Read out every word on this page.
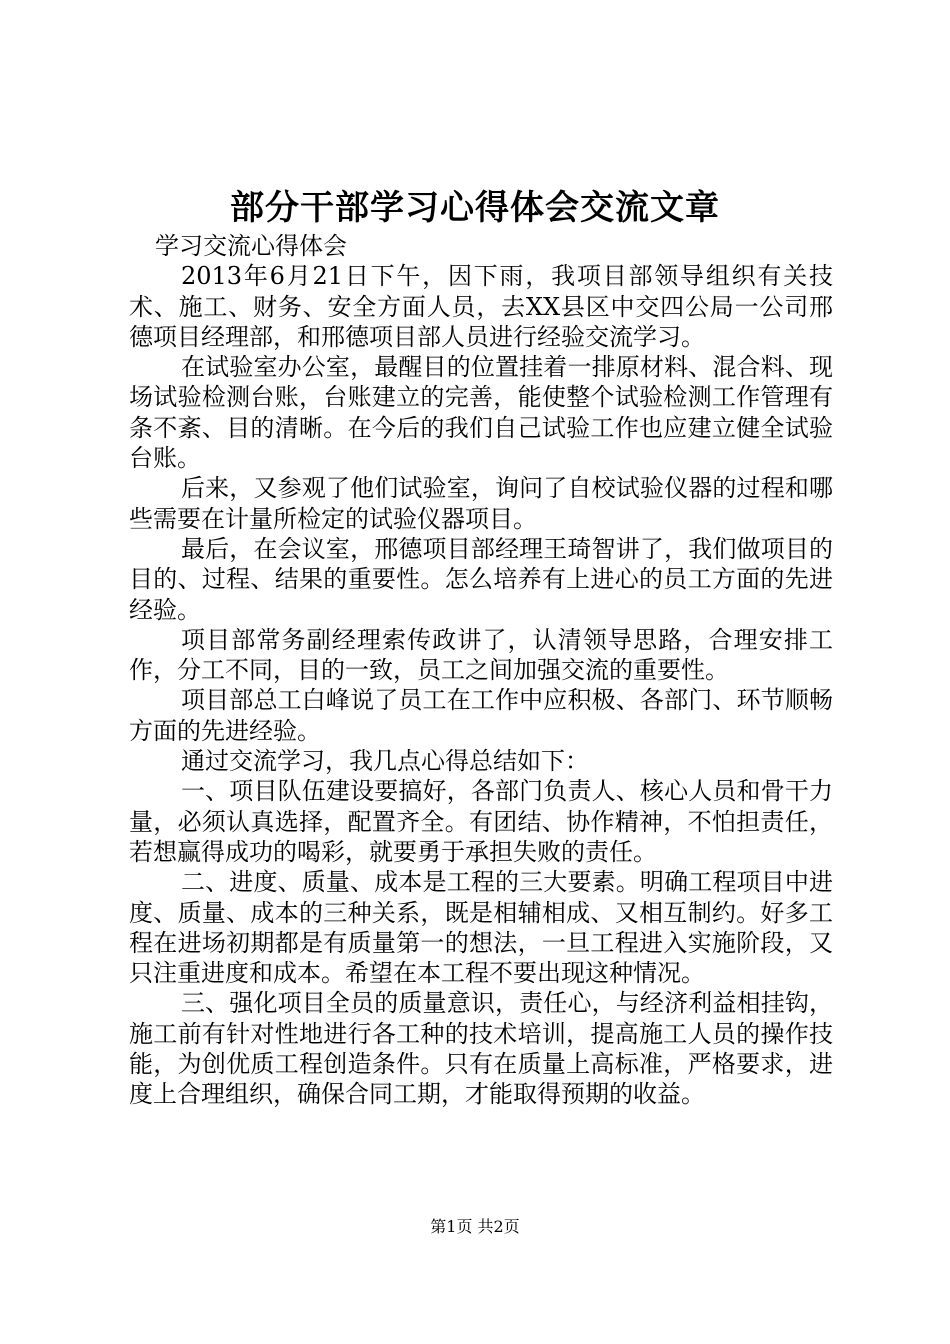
部分干部学习心得体会交流文章

学习交流心得体会

2013年6月21日下午，因下雨，我项目部领导组织有关技术、施工、财务、安全方面人员，去XX县区中交四公局一公司邢德项目经理部，和邢德项目部人员进行经验交流学习。

在试验室办公室，最醒目的位置挂着一排原材料、混合料、现场试验检测台账，台账建立的完善，能使整个试验检测工作管理有条不紊、目的清晰。在今后的我们自己试验工作也应建立健全试验台账。

后来，又参观了他们试验室，询问了自校试验仪器的过程和哪些需要在计量所检定的试验仪器项目。

最后，在会议室，邢德项目部经理王琦智讲了，我们做项目的目的、过程、结果的重要性。怎么培养有上进心的员工方面的先进经验。

项目部常务副经理索传政讲了，认清领导思路，合理安排工作，分工不同，目的一致，员工之间加强交流的重要性。

项目部总工白峰说了员工在工作中应积极、各部门、环节顺畅方面的先进经验。

通过交流学习，我几点心得总结如下：

一、项目队伍建设要搞好，各部门负责人、核心人员和骨干力量，必须认真选择，配置齐全。有团结、协作精神，不怕担责任，若想赢得成功的喝彩，就要勇于承担失败的责任。

二、进度、质量、成本是工程的三大要素。明确工程项目中进度、质量、成本的三种关系，既是相辅相成、又相互制约。好多工程在进场初期都是有质量第一的想法，一旦工程进入实施阶段，又只注重进度和成本。希望在本工程不要出现这种情况。

三、强化项目全员的质量意识，责任心，与经济利益相挂钩，施工前有针对性地进行各工种的技术培训，提高施工人员的操作技能，为创优质工程创造条件。只有在质量上高标准，严格要求，进度上合理组织，确保合同工期，才能取得预期的收益。

第1页 共2页
